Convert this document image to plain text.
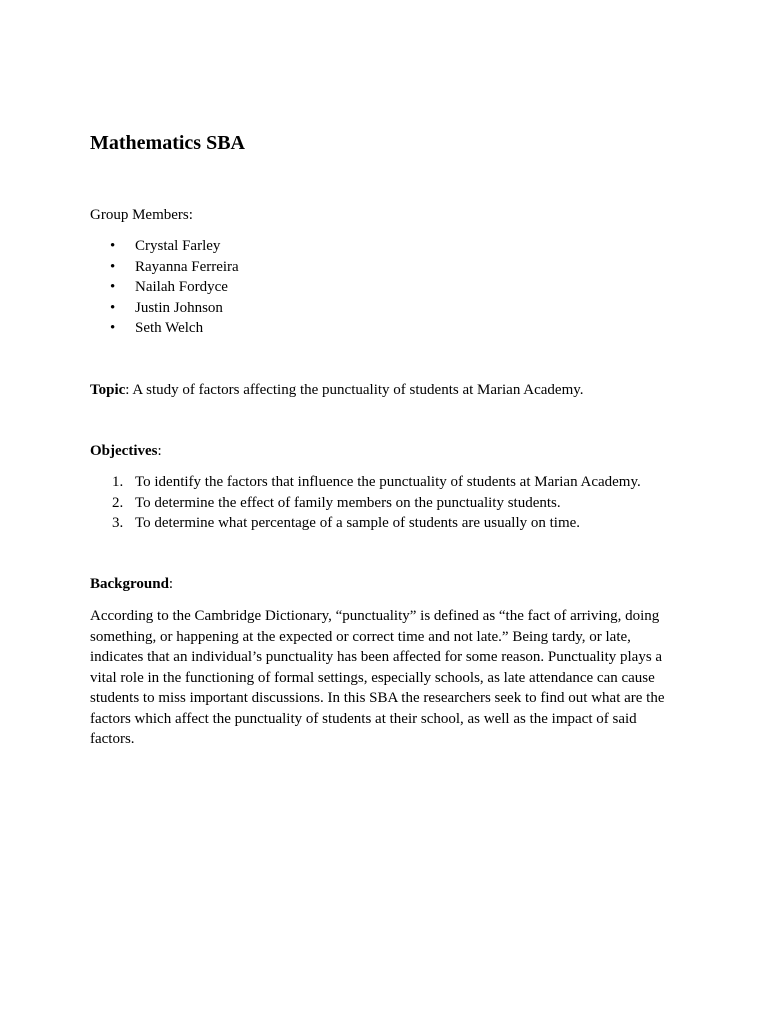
Mathematics SBA

Group Members:

• Crystal Farley
• Rayanna Ferreira
• Nailah Fordyce
• Justin Johnson
• Seth Welch

Topic: A study of factors affecting the punctuality of students at Marian Academy.

Objectives:

1. To identify the factors that influence the punctuality of students at Marian Academy.
2. To determine the effect of family members on the punctuality students.
3. To determine what percentage of a sample of students are usually on time.

Background:

According to the Cambridge Dictionary, “punctuality” is defined as “the fact of arriving, doing something, or happening at the expected or correct time and not late.” Being tardy, or late, indicates that an individual’s punctuality has been affected for some reason. Punctuality plays a vital role in the functioning of formal settings, especially schools, as late attendance can cause students to miss important discussions. In this SBA the researchers seek to find out what are the factors which affect the punctuality of students at their school, as well as the impact of said factors.
